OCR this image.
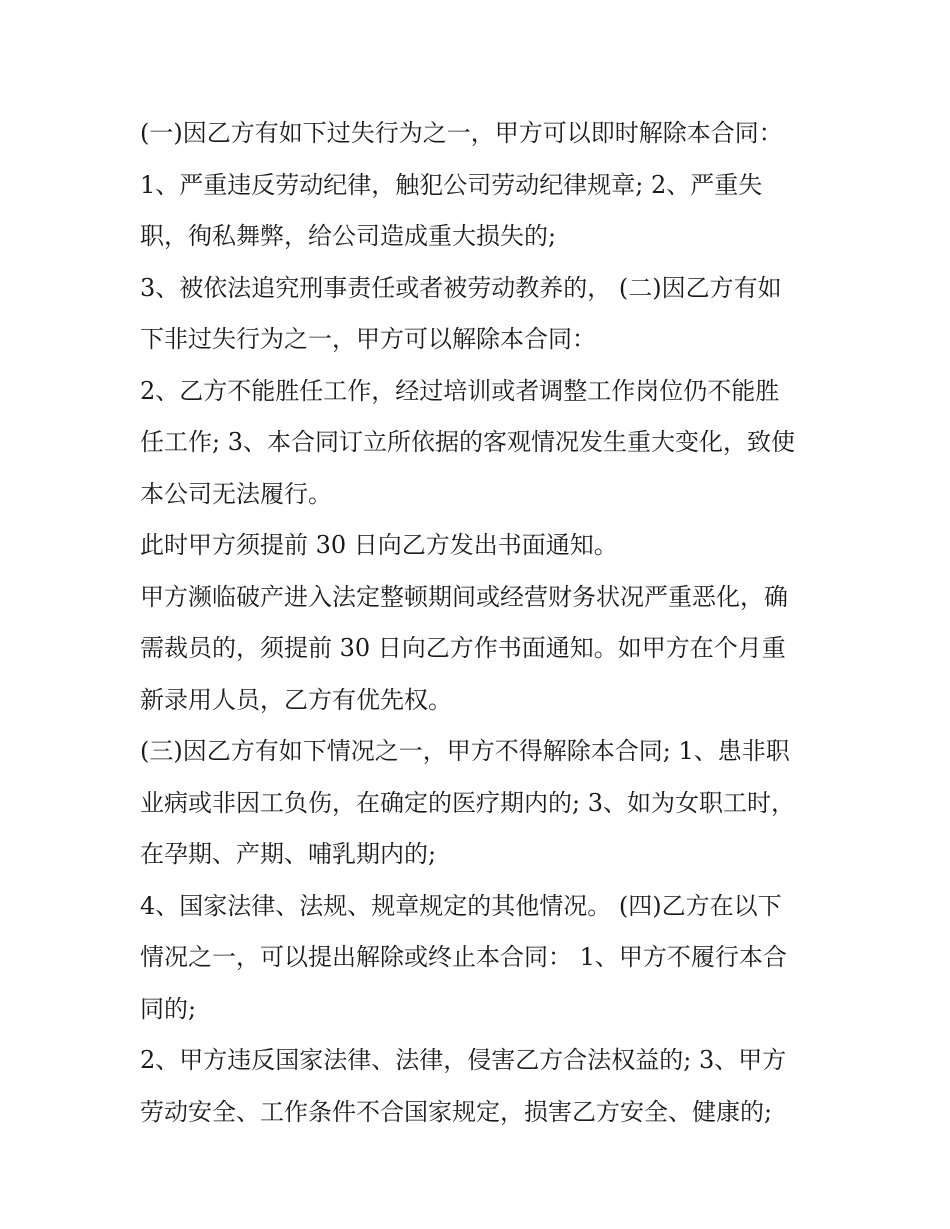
(一)因乙方有如下过失行为之一，甲方可以即时解除本合同：
1、严重违反劳动纪律，触犯公司劳动纪律规章; 2、严重失
职，徇私舞弊，给公司造成重大损失的;
3、被依法追究刑事责任或者被劳动教养的， (二)因乙方有如
下非过失行为之一，甲方可以解除本合同：
2、乙方不能胜任工作，经过培训或者调整工作岗位仍不能胜
任工作; 3、本合同订立所依据的客观情况发生重大变化，致使
本公司无法履行。
此时甲方须提前 30 日向乙方发出书面通知。
甲方濒临破产进入法定整顿期间或经营财务状况严重恶化，确
需裁员的，须提前 30 日向乙方作书面通知。如甲方在个月重
新录用人员，乙方有优先权。
(三)因乙方有如下情况之一，甲方不得解除本合同; 1、患非职
业病或非因工负伤，在确定的医疗期内的; 3、如为女职工时，
在孕期、产期、哺乳期内的;
4、国家法律、法规、规章规定的其他情况。 (四)乙方在以下
情况之一，可以提出解除或终止本合同： 1、甲方不履行本合
同的;
2、甲方违反国家法律、法律，侵害乙方合法权益的; 3、甲方
劳动安全、工作条件不合国家规定，损害乙方安全、健康的;
